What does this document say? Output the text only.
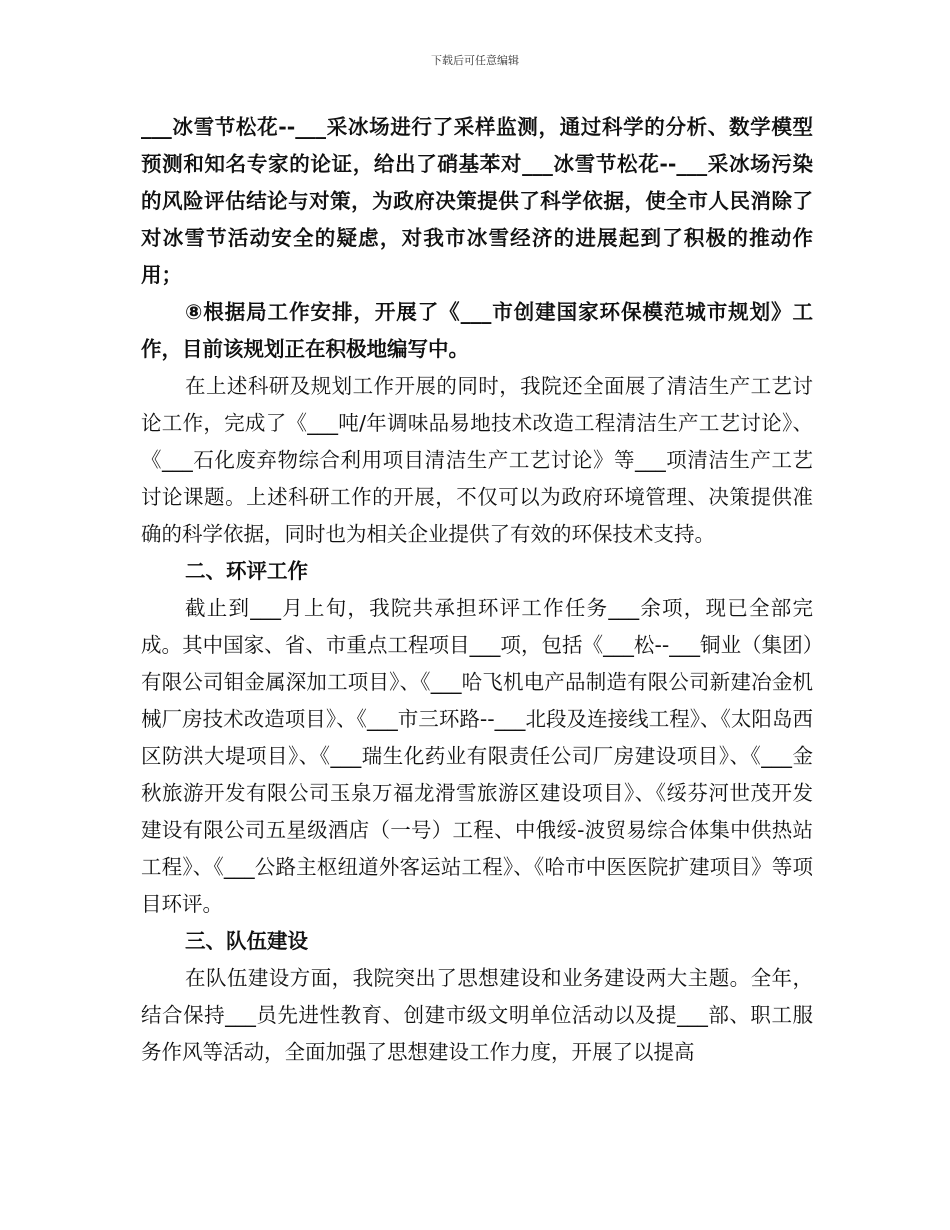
下载后可任意编辑

___冰雪节松花--___采冰场进行了采样监测，通过科学的分析、数学模型预测和知名专家的论证，给出了硝基苯对___冰雪节松花--___采冰场污染的风险评估结论与对策，为政府决策提供了科学依据，使全市人民消除了对冰雪节活动安全的疑虑，对我市冰雪经济的进展起到了积极的推动作用；

⑧根据局工作安排，开展了《___市创建国家环保模范城市规划》工作，目前该规划正在积极地编写中。

在上述科研及规划工作开展的同时，我院还全面展了清洁生产工艺讨论工作，完成了《___吨/年调味品易地技术改造工程清洁生产工艺讨论》、《___石化废弃物综合利用项目清洁生产工艺讨论》等___项清洁生产工艺讨论课题。上述科研工作的开展，不仅可以为政府环境管理、决策提供准确的科学依据，同时也为相关企业提供了有效的环保技术支持。

二、环评工作

截止到___月上旬，我院共承担环评工作任务___余项，现已全部完成。其中国家、省、市重点工程项目___项，包括《___松--___铜业（集团）有限公司钼金属深加工项目》、《___哈飞机电产品制造有限公司新建冶金机械厂房技术改造项目》、《___市三环路--___北段及连接线工程》、《太阳岛西区防洪大堤项目》、《___瑞生化药业有限责任公司厂房建设项目》、《___金秋旅游开发有限公司玉泉万福龙滑雪旅游区建设项目》、《绥芬河世茂开发建设有限公司五星级酒店（一号）工程、中俄绥-波贸易综合体集中供热站工程》、《___公路主枢纽道外客运站工程》、《哈市中医医院扩建项目》等项目环评。

三、队伍建设

在队伍建设方面，我院突出了思想建设和业务建设两大主题。全年，结合保持___员先进性教育、创建市级文明单位活动以及提___部、职工服务作风等活动，全面加强了思想建设工作力度，开展了以提高
